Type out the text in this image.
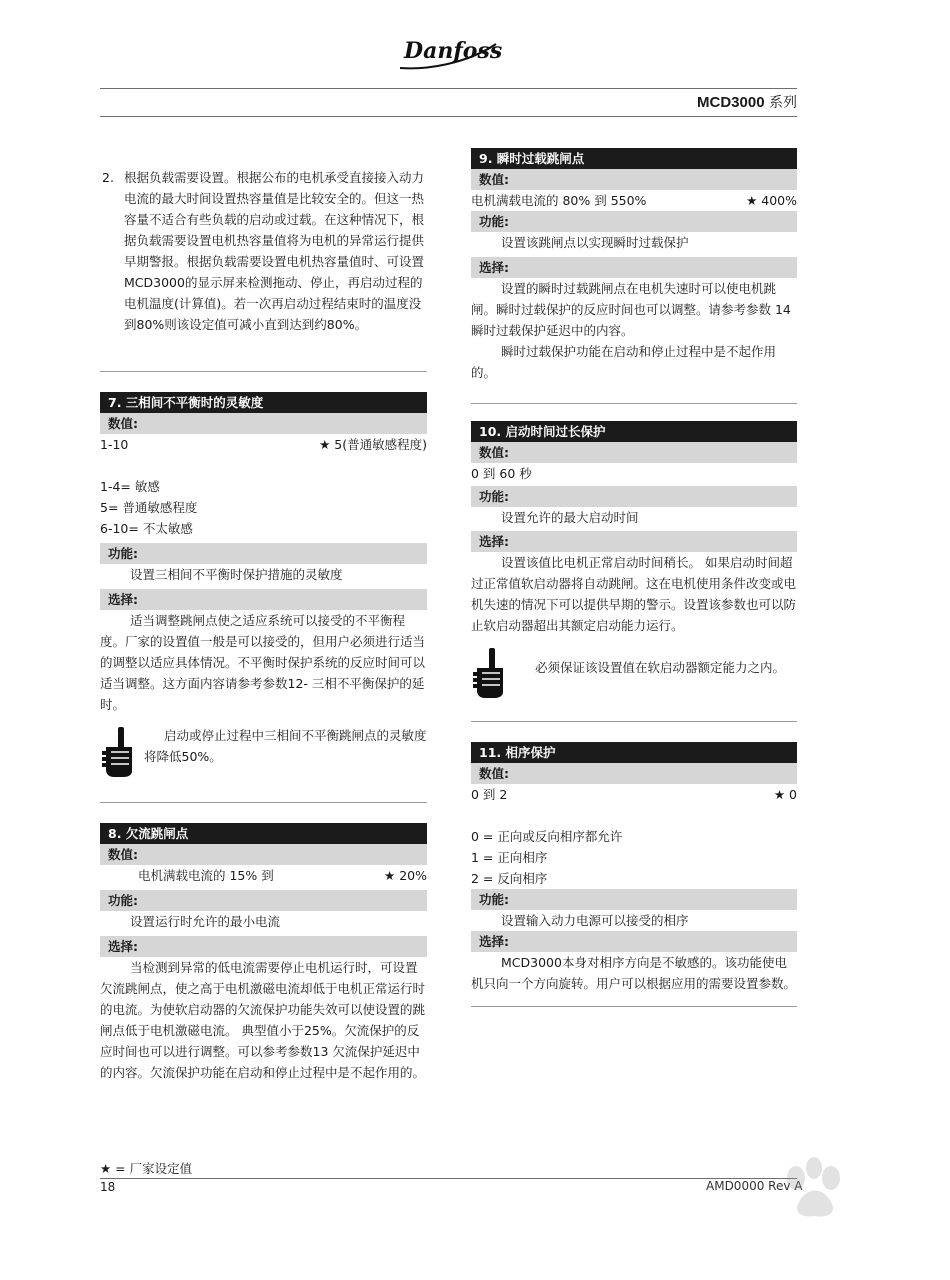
Danfoss
MCD3000 系列
2. 根据负载需要设置。根据公布的电机承受直接接入动力电流的最大时间设置热容量值是比较安全的。但这一热容量不适合有些负载的启动或过载。在这种情况下，根据负载需要设置电机热容量值将为电机的异常运行提供早期警报。根据负载需要设置电机热容量值时、可设置MCD3000的显示屏来检测拖动、停止，再启动过程的电机温度(计算值)。若一次再启动过程结束时的温度没到80%则该设定值可减小直到达到约80%。
7. 三相间不平衡时的灵敏度
数值:
1-10	★ 5(普通敏感程度)
1-4= 敏感
5= 普通敏感程度
6-10= 不太敏感
功能:
设置三相间不平衡时保护措施的灵敏度
选择:

适当调整跳闸点使之适应系统可以接受的不平衡程度。厂家的设置值一般是可以接受的，但用户必须进行适当的调整以适应具体情况。不平衡时保护系统的反应时间可以适当调整。这方面内容请参考参数12- 三相不平衡保护的延时。

启动或停止过程中三相间不平衡跳闸点的灵敏度将降低50%。

8. 欠流跳闸点
数值:
电机满载电流的 15% 到	★ 20%
功能:
设置运行时允许的最小电流
选择:

当检测到异常的低电流需要停止电机运行时，可设置欠流跳闸点，使之高于电机激磁电流却低于电机正常运行时的电流。为使软启动器的欠流保护功能失效可以使设置的跳闸点低于电机激磁电流。 典型值小于25%。欠流保护的反应时间也可以进行调整。可以参考参数13 欠流保护延迟中的内容。欠流保护功能在启动和停止过程中是不起作用的。

9. 瞬时过载跳闸点
数值:
电机满载电流的 80% 到 550%	★ 400%
功能:
设置该跳闸点以实现瞬时过载保护
选择:

设置的瞬时过载跳闸点在电机失速时可以使电机跳闸。瞬时过载保护的反应时间也可以调整。请参考参数 14 瞬时过载保护延迟中的内容。

瞬时过载保护功能在启动和停止过程中是不起作用的。

10. 启动时间过长保护
数值:
0 到 60 秒
功能:
设置允许的最大启动时间
选择:

设置该值比电机正常启动时间稍长。 如果启动时间超过正常值软启动器将自动跳闸。这在电机使用条件改变或电机失速的情况下可以提供早期的警示。设置该参数也可以防止软启动器超出其额定启动能力运行。

必须保证该设置值在软启动器额定能力之内。

11. 相序保护
数值:
0 到 2	★ 0
0 = 正向或反向相序都允许
1 = 正向相序
2 = 反向相序
功能:
设置输入动力电源可以接受的相序
选择:

MCD3000本身对相序方向是不敏感的。该功能使电机只向一个方向旋转。用户可以根据应用的需要设置参数。

★ = 厂家设定值
18	AMD0000 Rev A
